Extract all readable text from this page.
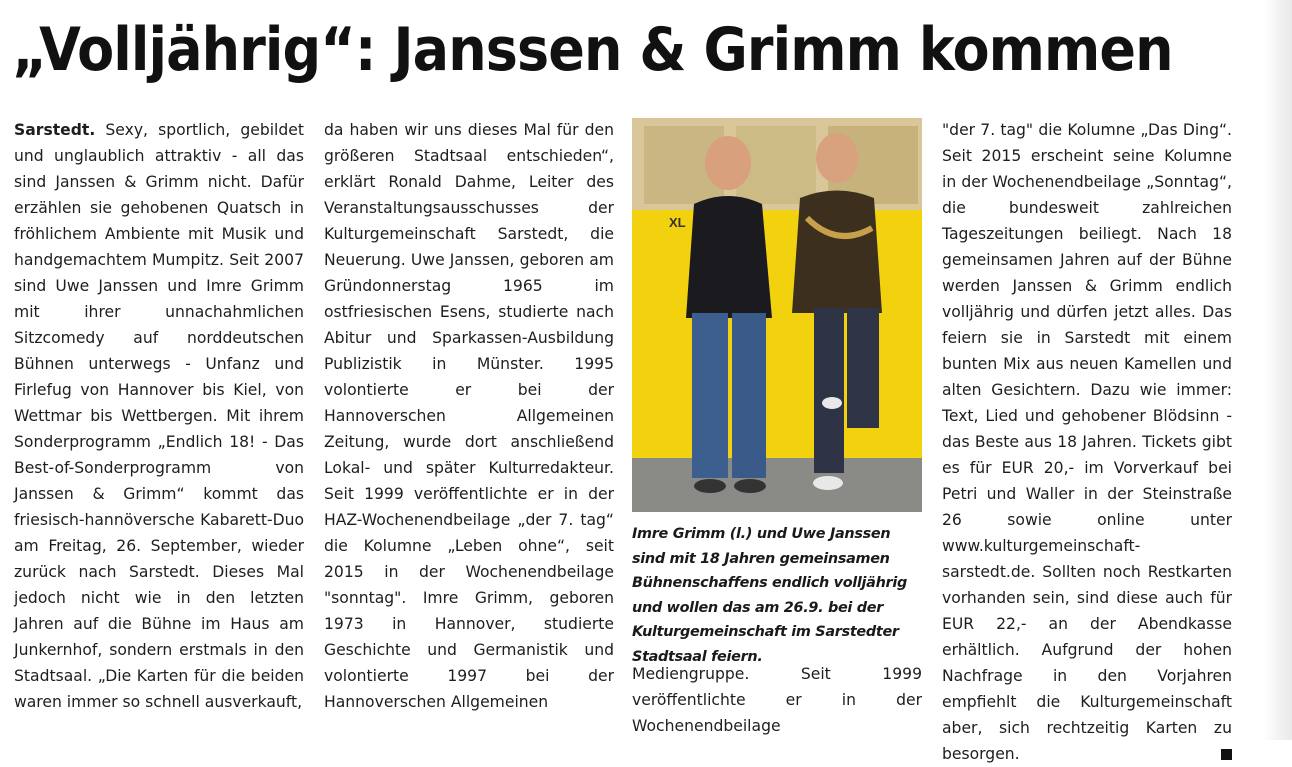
„Volljährig“: Janssen & Grimm kommen

Sarstedt. Sexy, sportlich, gebildet und unglaublich attraktiv - all das sind Janssen & Grimm nicht. Dafür erzählen sie gehobenen Quatsch in fröhlichem Ambiente mit Musik und handgemachtem Mumpitz. Seit 2007 sind Uwe Janssen und Imre Grimm mit ihrer unnachahmlichen Sitzcomedy auf norddeutschen Bühnen unterwegs - Unfanz und Firlefug von Hannover bis Kiel, von Wettmar bis Wettbergen. Mit ihrem Sonderprogramm „Endlich 18! - Das Best-of-Sonderprogramm von Janssen & Grimm“ kommt das friesisch-hannöversche Kabarett-Duo am Freitag, 26. September, wieder zurück nach Sarstedt. Dieses Mal jedoch nicht wie in den letzten Jahren auf die Bühne im Haus am Junkernhof, sondern erstmals in den Stadtsaal. „Die Karten für die beiden waren immer so schnell ausverkauft,

da haben wir uns dieses Mal für den größeren Stadtsaal entschieden“, erklärt Ronald Dahme, Leiter des Veranstaltungsausschusses der Kulturgemeinschaft Sarstedt, die Neuerung. Uwe Janssen, geboren am Gründonnerstag 1965 im ostfriesischen Esens, studierte nach Abitur und Sparkassen-Ausbildung Publizistik in Münster. 1995 volontierte er bei der Hannoverschen Allgemeinen Zeitung, wurde dort anschließend Lokal- und später Kulturredakteur. Seit 1999 veröffentlichte er in der HAZ-Wochenendbeilage „der 7. tag“ die Kolumne „Leben ohne“, seit 2015 in der Wochenendbeilage "sonntag". Imre Grimm, geboren 1973 in Hannover, studierte Geschichte und Germanistik und volontierte 1997 bei der Hannoverschen Allgemeinen

XL
Imre Grimm (l.) und Uwe Janssen sind mit 18 Jahren gemeinsamen Bühnenschaffens endlich volljährig und wollen das am 26.9. bei der Kulturgemeinschaft im Sarstedter Stadtsaal feiern.

Mediengruppe. Seit 1999 veröffentlichte er in der Wochenendbeilage

"der 7. tag" die Kolumne „Das Ding“. Seit 2015 erscheint seine Kolumne in der Wochenendbeilage „Sonntag“, die bundesweit zahlreichen Tageszeitungen beiliegt. Nach 18 gemeinsamen Jahren auf der Bühne werden Janssen & Grimm endlich volljährig und dürfen jetzt alles. Das feiern sie in Sarstedt mit einem bunten Mix aus neuen Kamellen und alten Gesichtern. Dazu wie immer: Text, Lied und gehobener Blödsinn - das Beste aus 18 Jahren. Tickets gibt es für EUR 20,- im Vorverkauf bei Petri und Waller in der Steinstraße 26 sowie online unter www.kulturgemeinschaft-sarstedt.de. Sollten noch Restkarten vorhanden sein, sind diese auch für EUR 22,- an der Abendkasse erhältlich. Aufgrund der hohen Nachfrage in den Vorjahren empfiehlt die Kulturgemeinschaft aber, sich rechtzeitig Karten zu besorgen.
